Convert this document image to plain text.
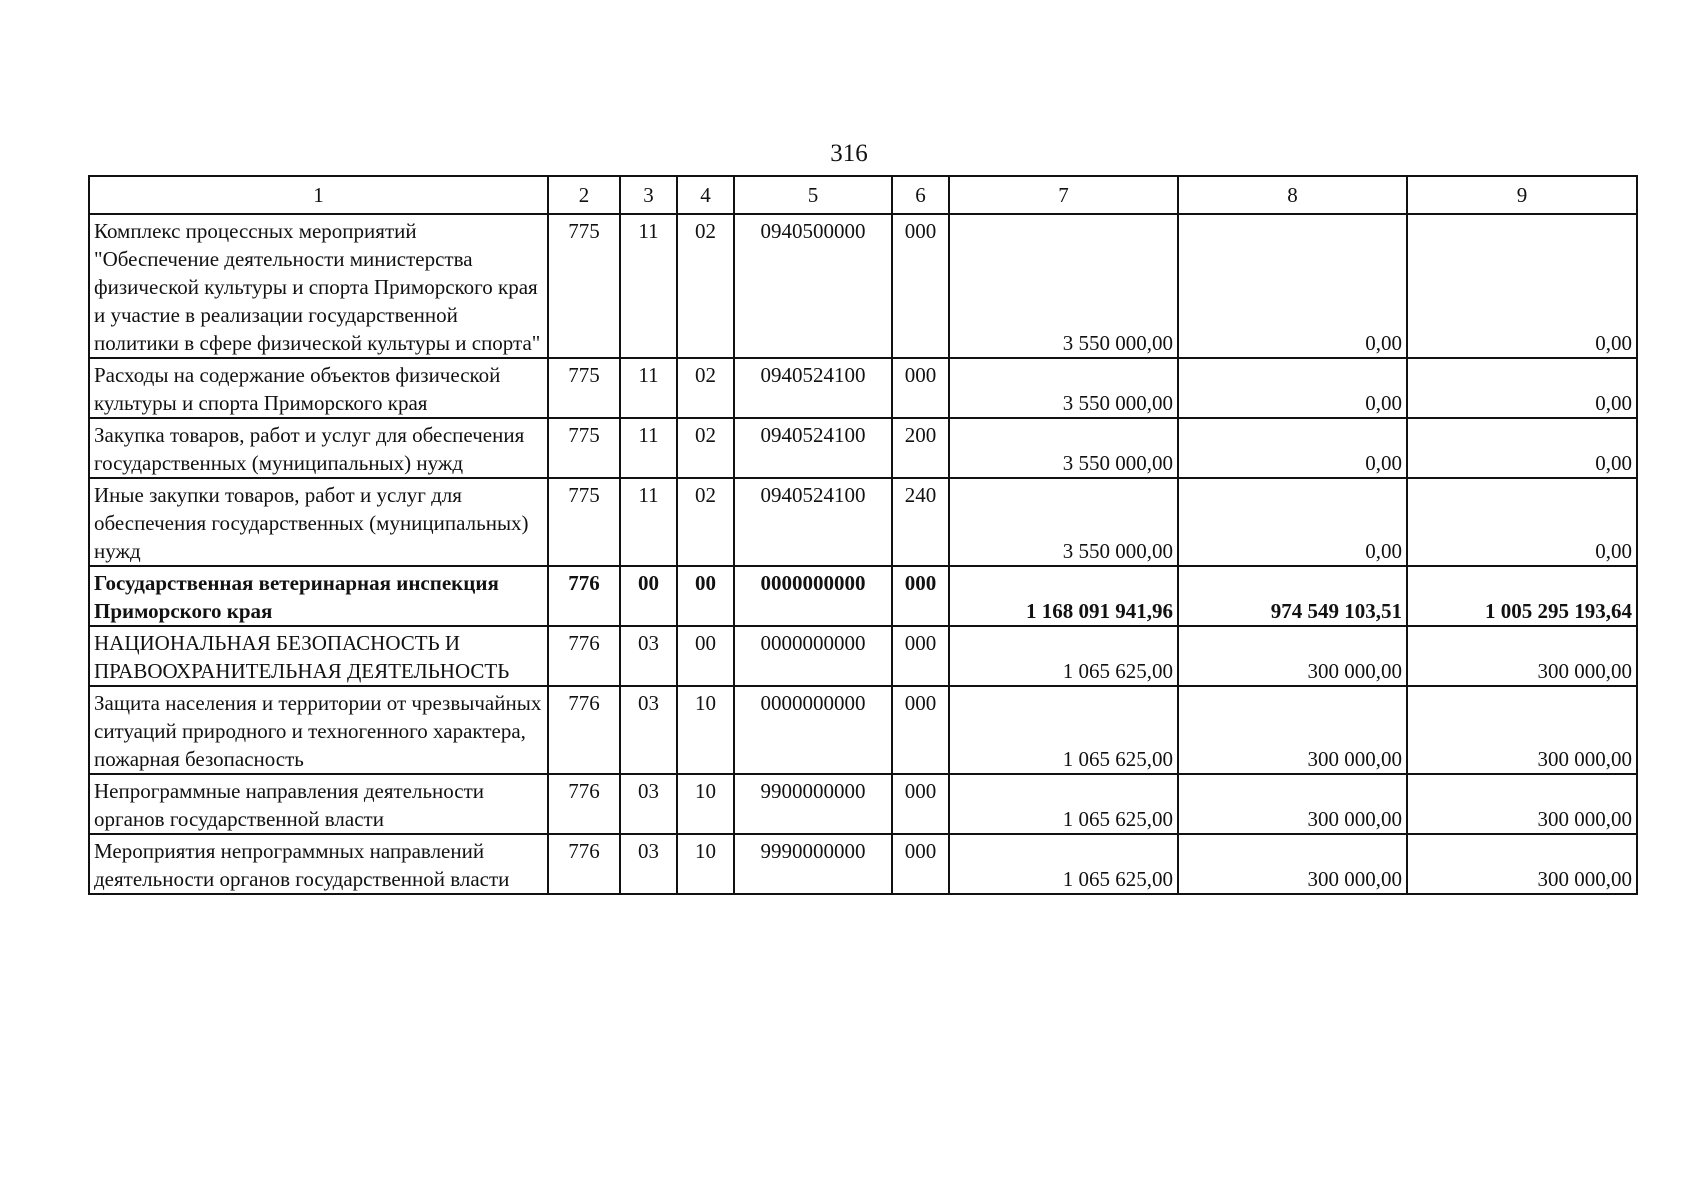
316
1	2	3	4	5	6	7	8	9
Комплекс процессных мероприятий "Обеспечение деятельности министерства физической культуры и спорта Приморского края и участие в реализации государственной политики в сфере физической культуры и спорта"	775	11	02	0940500000	000	3 550 000,00	0,00	0,00
Расходы на содержание объектов физической культуры и спорта Приморского края	775	11	02	0940524100	000	3 550 000,00	0,00	0,00
Закупка товаров, работ и услуг для обеспечения государственных (муниципальных) нужд	775	11	02	0940524100	200	3 550 000,00	0,00	0,00
Иные закупки товаров, работ и услуг для обеспечения государственных (муниципальных) нужд	775	11	02	0940524100	240	3 550 000,00	0,00	0,00
Государственная ветеринарная инспекция Приморского края	776	00	00	0000000000	000	1 168 091 941,96	974 549 103,51	1 005 295 193,64
НАЦИОНАЛЬНАЯ БЕЗОПАСНОСТЬ И ПРАВООХРАНИТЕЛЬНАЯ ДЕЯТЕЛЬНОСТЬ	776	03	00	0000000000	000	1 065 625,00	300 000,00	300 000,00
Защита населения и территории от чрезвычайных ситуаций природного и техногенного характера, пожарная безопасность	776	03	10	0000000000	000	1 065 625,00	300 000,00	300 000,00
Непрограммные направления деятельности органов государственной власти	776	03	10	9900000000	000	1 065 625,00	300 000,00	300 000,00
Мероприятия непрограммных направлений деятельности органов государственной власти	776	03	10	9990000000	000	1 065 625,00	300 000,00	300 000,00
